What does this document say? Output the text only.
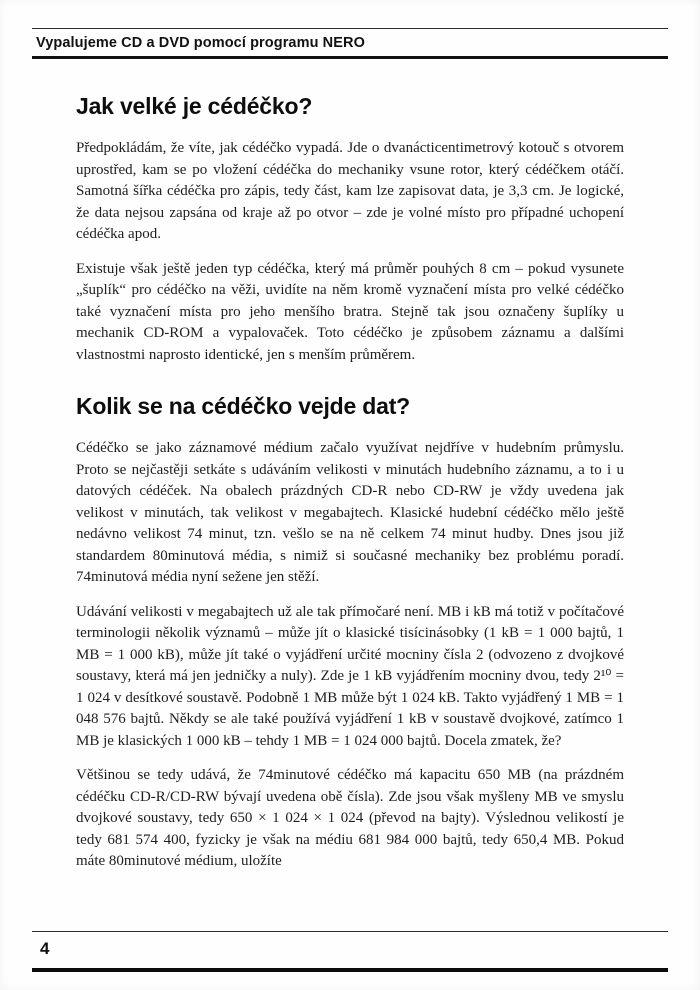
Vypalujeme CD a DVD pomocí programu NERO
Jak velké je cédéčko?

Předpokládám, že víte, jak cédéčko vypadá. Jde o dvanácticentimetrový kotouč s otvorem uprostřed, kam se po vložení cédéčka do mechaniky vsune rotor, který cédéčkem otáčí. Samotná šířka cédéčka pro zápis, tedy část, kam lze zapisovat data, je 3,3 cm. Je logické, že data nejsou zapsána od kraje až po otvor – zde je volné místo pro případné uchopení cédéčka apod.

Existuje však ještě jeden typ cédéčka, který má průměr pouhých 8 cm – pokud vysunete „šuplík“ pro cédéčko na věži, uvidíte na něm kromě vyznačení místa pro velké cédéčko také vyznačení místa pro jeho menšího bratra. Stejně tak jsou označeny šuplíky u mechanik CD-ROM a vypalovaček. Toto cédéčko je způsobem záznamu a dalšími vlastnostmi naprosto identické, jen s menším průměrem.

Kolik se na cédéčko vejde dat?

Cédéčko se jako záznamové médium začalo využívat nejdříve v hudebním průmyslu. Proto se nejčastěji setkáte s udáváním velikosti v minutách hudebního záznamu, a to i u datových cédéček. Na obalech prázdných CD-R nebo CD-RW je vždy uvedena jak velikost v minutách, tak velikost v megabajtech. Klasické hudební cédéčko mělo ještě nedávno velikost 74 minut, tzn. vešlo se na ně celkem 74 minut hudby. Dnes jsou již standardem 80minutová média, s nimiž si současné mechaniky bez problému poradí. 74minutová média nyní sežene jen stěží.

Udávání velikosti v megabajtech už ale tak přímočaré není. MB i kB má totiž v počítačové terminologii několik významů – může jít o klasické tisícinásobky (1 kB = 1 000 bajtů, 1 MB = 1 000 kB), může jít také o vyjádření určité mocniny čísla 2 (odvozeno z dvojkové soustavy, která má jen jedničky a nuly). Zde je 1 kB vyjádřením mocniny dvou, tedy 2¹⁰ = 1 024 v desítkové soustavě. Podobně 1 MB může být 1 024 kB. Takto vyjádřený 1 MB = 1 048 576 bajtů. Někdy se ale také používá vyjádření 1 kB v soustavě dvojkové, zatímco 1 MB je klasických 1 000 kB – tehdy 1 MB = 1 024 000 bajtů. Docela zmatek, že?

Většinou se tedy udává, že 74minutové cédéčko má kapacitu 650 MB (na prázdném cédéčku CD-R/CD-RW bývají uvedena obě čísla). Zde jsou však myšleny MB ve smyslu dvojkové soustavy, tedy 650 × 1 024 × 1 024 (převod na bajty). Výslednou velikostí je tedy 681 574 400, fyzicky je však na médiu 681 984 000 bajtů, tedy 650,4 MB. Pokud máte 80minutové médium, uložíte

4
